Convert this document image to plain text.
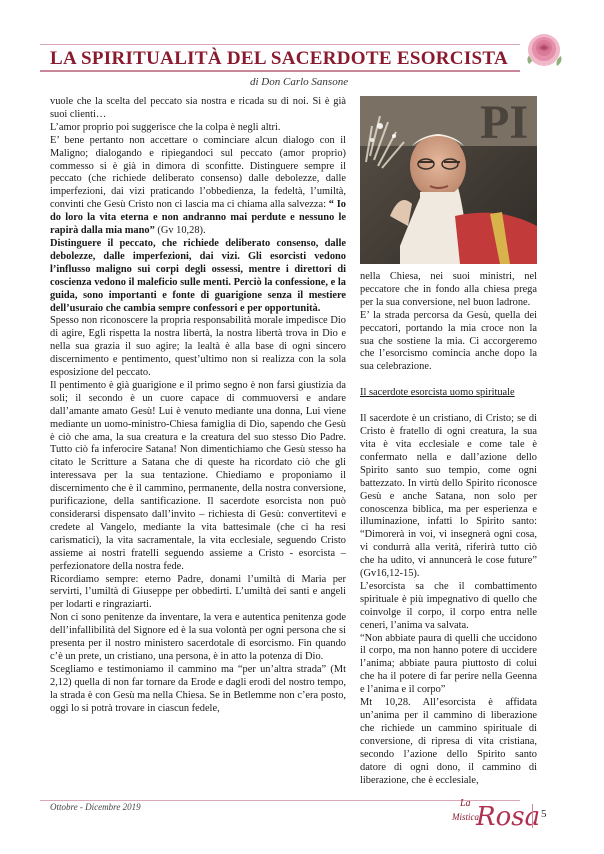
LA SPIRITUALITÀ DEL SACERDOTE ESORCISTA
di Don Carlo Sansone

vuole che la scelta del peccato sia nostra e ricada su di noi. Si è già suoi clienti…

L’amor proprio poi suggerisce che la colpa è negli altri.

E’ bene pertanto non accettare o cominciare alcun dialogo con il Maligno; dialogando e ripiegandoci sul peccato (amor proprio) commesso si è già in dimora di sconfitte. Distinguere sempre il peccato (che richiede deliberato consenso) dalle debolezze, dalle imperfezioni, dai vizi praticando l’obbedienza, la fedeltà, l’umiltà, convinti che Gesù Cristo non ci lascia ma ci chiama alla salvezza: “ Io do loro la vita eterna e non andranno mai perdute e nessuno le rapirà dalla mia mano” (Gv 10,28).

Distinguere il peccato, che richiede deliberato consenso, dalle debolezze, dalle imperfezioni, dai vizi. Gli esorcisti vedono l’influsso maligno sui corpi degli ossessi, mentre i direttori di coscienza vedono il maleficio sulle menti. Perciò la confessione, e la guida, sono importanti e fonte di guarigione senza il mestiere dell’usuraio che cambia sempre confessori e per opportunità.

Spesso non riconoscere la propria responsabilità morale impedisce Dio di agire, Egli rispetta la nostra libertà, la nostra libertà trova in Dio e nella sua grazia il suo agire; la lealtà è alla base di ogni sincero discernimento e pentimento, quest’ultimo non si realizza con la sola esposizione del peccato.

Il pentimento è già guarigione e il primo segno è non farsi giustizia da soli; il secondo è un cuore capace di commuoversi e andare dall’amante amato Gesù! Lui è venuto mediante una donna, Lui viene mediante un uomo-ministro-Chiesa famiglia di Dio, sapendo che Gesù è ciò che ama, la sua creatura e la creatura del suo stesso Dio Padre. Tutto ciò fa inferocire Satana! Non dimentichiamo che Gesù stesso ha citato le Scritture a Satana che di queste ha ricordato ciò che gli interessava per la sua tentazione. Chiediamo e proponiamo il discernimento che è il cammino, permanente, della nostra conversione, purificazione, della santificazione. Il sacerdote esorcista non può considerarsi dispensato dall’invito – richiesta di Gesù: convertitevi e credete al Vangelo, mediante la vita battesimale (che ci ha resi carismatici), la vita sacramentale, la vita ecclesiale, seguendo Cristo assieme ai nostri fratelli seguendo assieme a Cristo - esorcista – perfezionatore della nostra fede.

Ricordiamo sempre: eterno Padre, donami l’umiltà di Maria per servirti, l’umiltà di Giuseppe per obbedirti. L’umiltà dei santi e angeli per lodarti e ringraziarti.

Non ci sono penitenze da inventare, la vera e autentica penitenza gode dell’infallibilità del Signore ed è la sua volontà per ogni persona che si presenta per il nostro ministero sacerdotale di esorcismo. Fin quando c’è un prete, un cristiano, una persona, è in atto la potenza di Dio.

Scegliamo e testimoniamo il cammino ma “per un’altra strada” (Mt 2,12) quella di non far tornare da Erode e dagli erodi del nostro tempo, la strada è con Gesù ma nella Chiesa. Se in Betlemme non c’era posto, oggi lo si potrà trovare in ciascun fedele,

PI

nella Chiesa, nei suoi ministri, nel peccatore che in fondo alla chiesa prega per la sua conversione, nel buon ladrone.

E’ la strada percorsa da Gesù, quella dei peccatori, portando la mia croce non la sua che sostiene la mia. Ci accorgeremo che l’esorcismo comincia anche dopo la sua celebrazione.

Il sacerdote esorcista uomo spirituale

Il sacerdote è un cristiano, di Cristo; se di Cristo è fratello di ogni creatura, la sua vita è vita ecclesiale e come tale è confermato nella e dall’azione dello Spirito santo suo tempio, come ogni battezzato. In virtù dello Spirito riconosce Gesù e anche Satana, non solo per conoscenza biblica, ma per esperienza e illuminazione, infatti lo Spirito santo: “Dimorerà in voi, vi insegnerà ogni cosa, vi condurrà alla verità, riferirà tutto ciò che ha udito, vi annuncerà le cose future” (Gv16,12-15).

L’esorcista sa che il combattimento spirituale è più impegnativo di quello che coinvolge il corpo, il corpo entra nelle ceneri, l’anima va salvata.

“Non abbiate paura di quelli che uccidono il corpo, ma non hanno potere di uccidere l’anima; abbiate paura piuttosto di colui che ha il potere di far perire nella Geenna e l’anima e il corpo”

Mt 10,28. All’esorcista è affidata un’anima per il cammino di liberazione che richiede un cammino spirituale di conversione, di ripresa di vita cristiana, secondo l’azione dello Spirito santo datore di ogni dono, il cammino di liberazione, che è ecclesiale,

Ottobre - Dicembre 2019	La
Mistica
Rosa 5
